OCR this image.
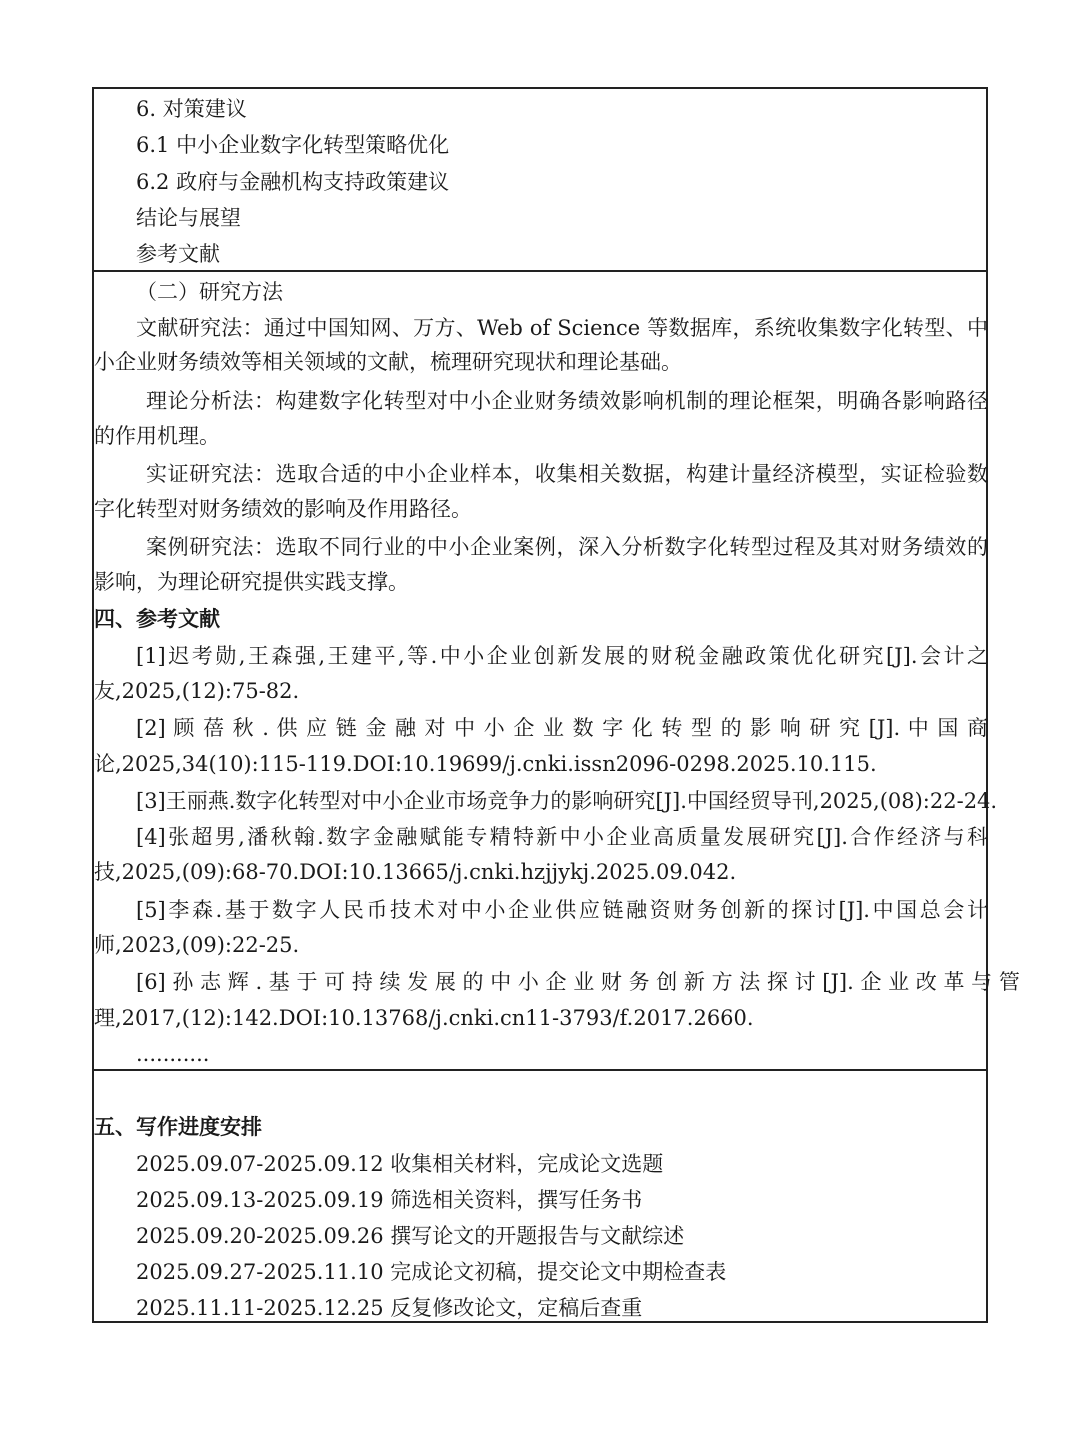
6. 对策建议
6.1 中小企业数字化转型策略优化
6.2 政府与金融机构支持政策建议
结论与展望
参考文献
（二）研究方法
文献研究法：通过中国知网、万方、Web of Science 等数据库，系统收集数字化转型、中
小企业财务绩效等相关领域的文献，梳理研究现状和理论基础。
理论分析法：构建数字化转型对中小企业财务绩效影响机制的理论框架，明确各影响路径
的作用机理。
实证研究法：选取合适的中小企业样本，收集相关数据，构建计量经济模型，实证检验数
字化转型对财务绩效的影响及作用路径。
案例研究法：选取不同行业的中小企业案例，深入分析数字化转型过程及其对财务绩效的
影响，为理论研究提供实践支撑。
四、参考文献
[1]迟考勋,王森强,王建平,等.中小企业创新发展的财税金融政策优化研究[J].会计之
友,2025,(12):75-82.
[2] 顾 蓓 秋 . 供 应 链 金 融 对 中 小 企 业 数 字 化 转 型 的 影 响 研 究 [J]. 中 国 商
论,2025,34(10):115-119.DOI:10.19699/j.cnki.issn2096-0298.2025.10.115.
[3]王丽燕.数字化转型对中小企业市场竞争力的影响研究[J].中国经贸导刊,2025,(08):22-24.
[4]张超男,潘秋翰.数字金融赋能专精特新中小企业高质量发展研究[J].合作经济与科
技,2025,(09):68-70.DOI:10.13665/j.cnki.hzjjykj.2025.09.042.
[5]李森.基于数字人民币技术对中小企业供应链融资财务创新的探讨[J].中国总会计
师,2023,(09):22-25.
[6] 孙 志 辉 . 基 于 可 持 续 发 展 的 中 小 企 业 财 务 创 新 方 法 探 讨 [J]. 企 业 改 革 与 管
理,2017,(12):142.DOI:10.13768/j.cnki.cn11-3793/f.2017.2660.
...........
五、写作进度安排
2025.09.07-2025.09.12 收集相关材料，完成论文选题
2025.09.13-2025.09.19 筛选相关资料，撰写任务书
2025.09.20-2025.09.26 撰写论文的开题报告与文献综述
2025.09.27-2025.11.10 完成论文初稿，提交论文中期检查表
2025.11.11-2025.12.25 反复修改论文，定稿后查重
